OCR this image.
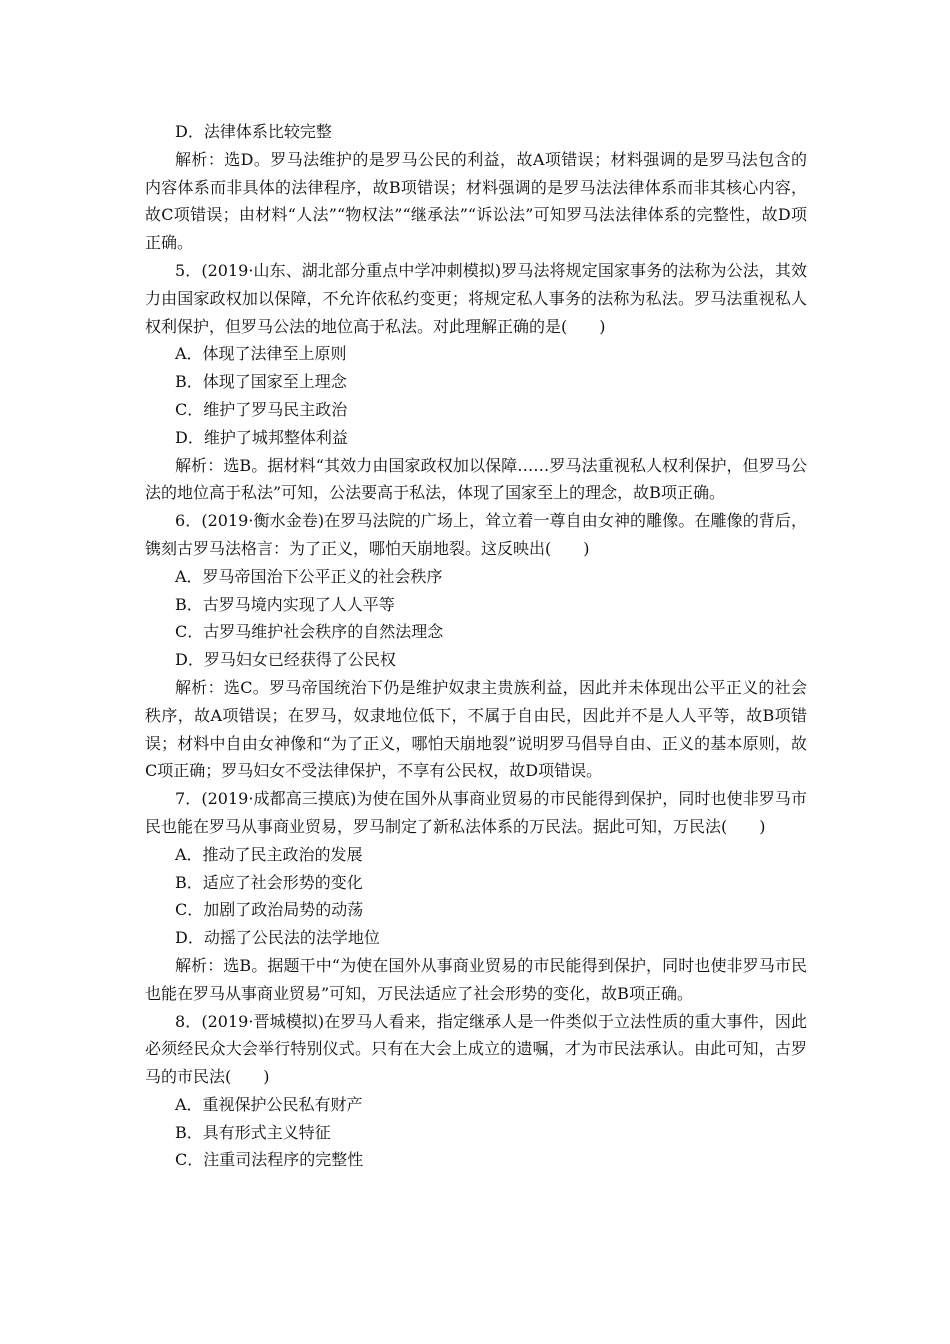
D．法律体系比较完整

解析：选D。罗马法维护的是罗马公民的利益，故A项错误；材料强调的是罗马法包含的内容体系而非具体的法律程序，故B项错误；材料强调的是罗马法法律体系而非其核心内容，故C项错误；由材料“人法”“物权法”“继承法”“诉讼法”可知罗马法法律体系的完整性，故D项正确。

5．(2019·山东、湖北部分重点中学冲刺模拟)罗马法将规定国家事务的法称为公法，其效力由国家政权加以保障，不允许依私约变更；将规定私人事务的法称为私法。罗马法重视私人权利保护，但罗马公法的地位高于私法。对此理解正确的是(　　)

A．体现了法律至上原则

B．体现了国家至上理念

C．维护了罗马民主政治

D．维护了城邦整体利益

解析：选B。据材料“其效力由国家政权加以保障……罗马法重视私人权利保护，但罗马公法的地位高于私法”可知，公法要高于私法，体现了国家至上的理念，故B项正确。

6．(2019·衡水金卷)在罗马法院的广场上，耸立着一尊自由女神的雕像。在雕像的背后，镌刻古罗马法格言：为了正义，哪怕天崩地裂。这反映出(　　)

A．罗马帝国治下公平正义的社会秩序

B．古罗马境内实现了人人平等

C．古罗马维护社会秩序的自然法理念

D．罗马妇女已经获得了公民权

解析：选C。罗马帝国统治下仍是维护奴隶主贵族利益，因此并未体现出公平正义的社会秩序，故A项错误；在罗马，奴隶地位低下，不属于自由民，因此并不是人人平等，故B项错误；材料中自由女神像和“为了正义，哪怕天崩地裂”说明罗马倡导自由、正义的基本原则，故C项正确；罗马妇女不受法律保护，不享有公民权，故D项错误。

7．(2019·成都高三摸底)为使在国外从事商业贸易的市民能得到保护，同时也使非罗马市民也能在罗马从事商业贸易，罗马制定了新私法体系的万民法。据此可知，万民法(　　)

A．推动了民主政治的发展

B．适应了社会形势的变化

C．加剧了政治局势的动荡

D．动摇了公民法的法学地位

解析：选B。据题干中“为使在国外从事商业贸易的市民能得到保护，同时也使非罗马市民也能在罗马从事商业贸易”可知，万民法适应了社会形势的变化，故B项正确。

8．(2019·晋城模拟)在罗马人看来，指定继承人是一件类似于立法性质的重大事件，因此必须经民众大会举行特别仪式。只有在大会上成立的遗嘱，才为市民法承认。由此可知，古罗马的市民法(　　)

A．重视保护公民私有财产

B．具有形式主义特征

C．注重司法程序的完整性
